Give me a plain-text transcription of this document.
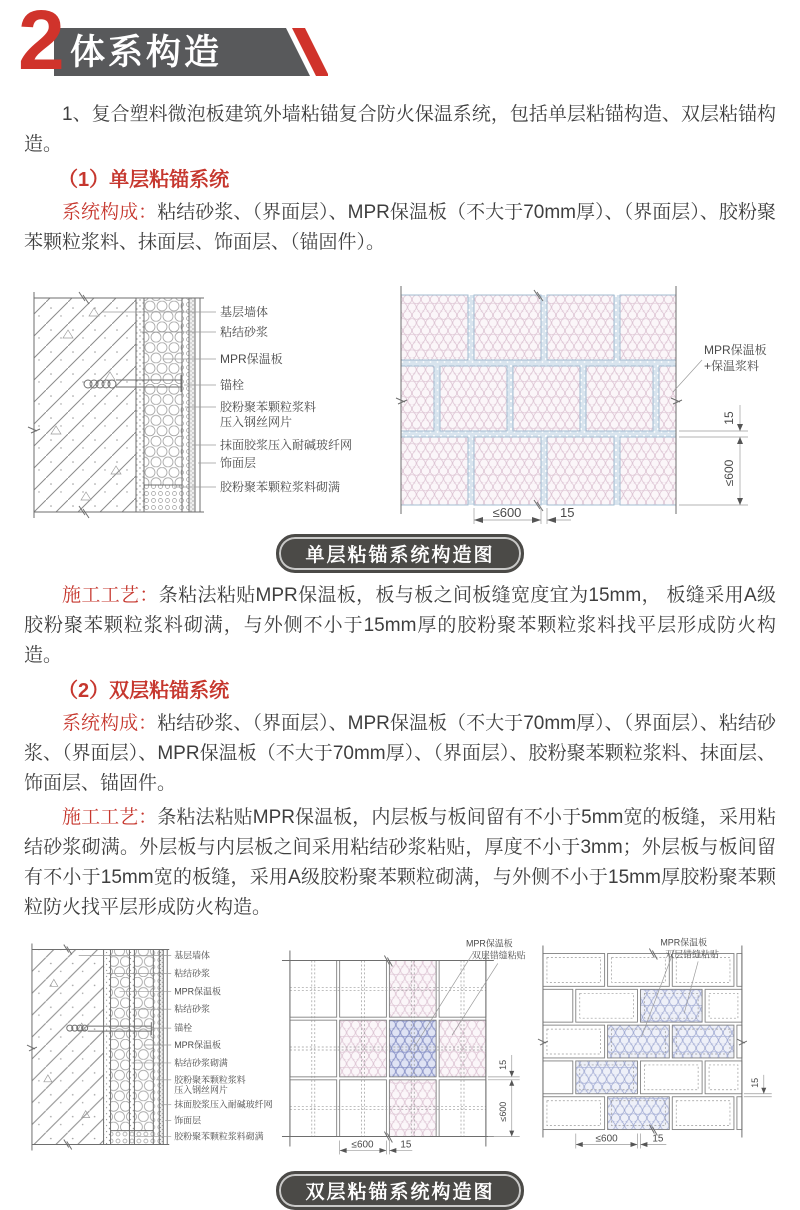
2 体系构造

1、复合塑料微泡板建筑外墙粘锚复合防火保温系统，包括单层粘锚构造、双层粘锚构造。

（1）单层粘锚系统

系统构成：粘结砂浆、（界面层）、MPR保温板（不大于70mm厚）、（界面层）、胶粉聚苯颗粒浆料、抹面层、饰面层、（锚固件）。

基层墙体
粘结砂浆
MPR保温板
锚栓
胶粉聚苯颗粒浆料
压入钢丝网片
抹面胶浆压入耐碱玻纤网
饰面层
胶粉聚苯颗粒浆料砌满
MPR保温板
+保温浆料
15
≤600
≤600	15
单层粘锚系统构造图

施工工艺：条粘法粘贴MPR保温板，板与板之间板缝宽度宜为15mm， 板缝采用A级胶粉聚苯颗粒浆料砌满，与外侧不小于15mm厚的胶粉聚苯颗粒浆料找平层形成防火构造。

（2）双层粘锚系统

系统构成：粘结砂浆、（界面层）、MPR保温板（不大于70mm厚）、（界面层）、粘结砂浆、（界面层）、MPR保温板（不大于70mm厚）、（界面层）、胶粉聚苯颗粒浆料、抹面层、饰面层、锚固件。

施工工艺：条粘法粘贴MPR保温板，内层板与板间留有不小于5mm宽的板缝，采用粘结砂浆砌满。外层板与内层板之间采用粘结砂浆粘贴，厚度不小于3mm；外层板与板间留有不小于15mm宽的板缝，采用A级胶粉聚苯颗粒砌满，与外侧不小于15mm厚胶粉聚苯颗粒防火找平层形成防火构造。

基层墙体
粘结砂浆
MPR保温板
粘结砂浆
锚栓
MPR保温板
粘结砂浆砌满
胶粉聚苯颗粒浆料
压入钢丝网片
抹面胶浆压入耐碱玻纤网
饰面层
胶粉聚苯颗粒浆料砌满
MPR保温板
双层错缝粘贴
15
≤600
≤600	15
MPR保温板
双层错缝粘贴
15
≤600	15
双层粘锚系统构造图
